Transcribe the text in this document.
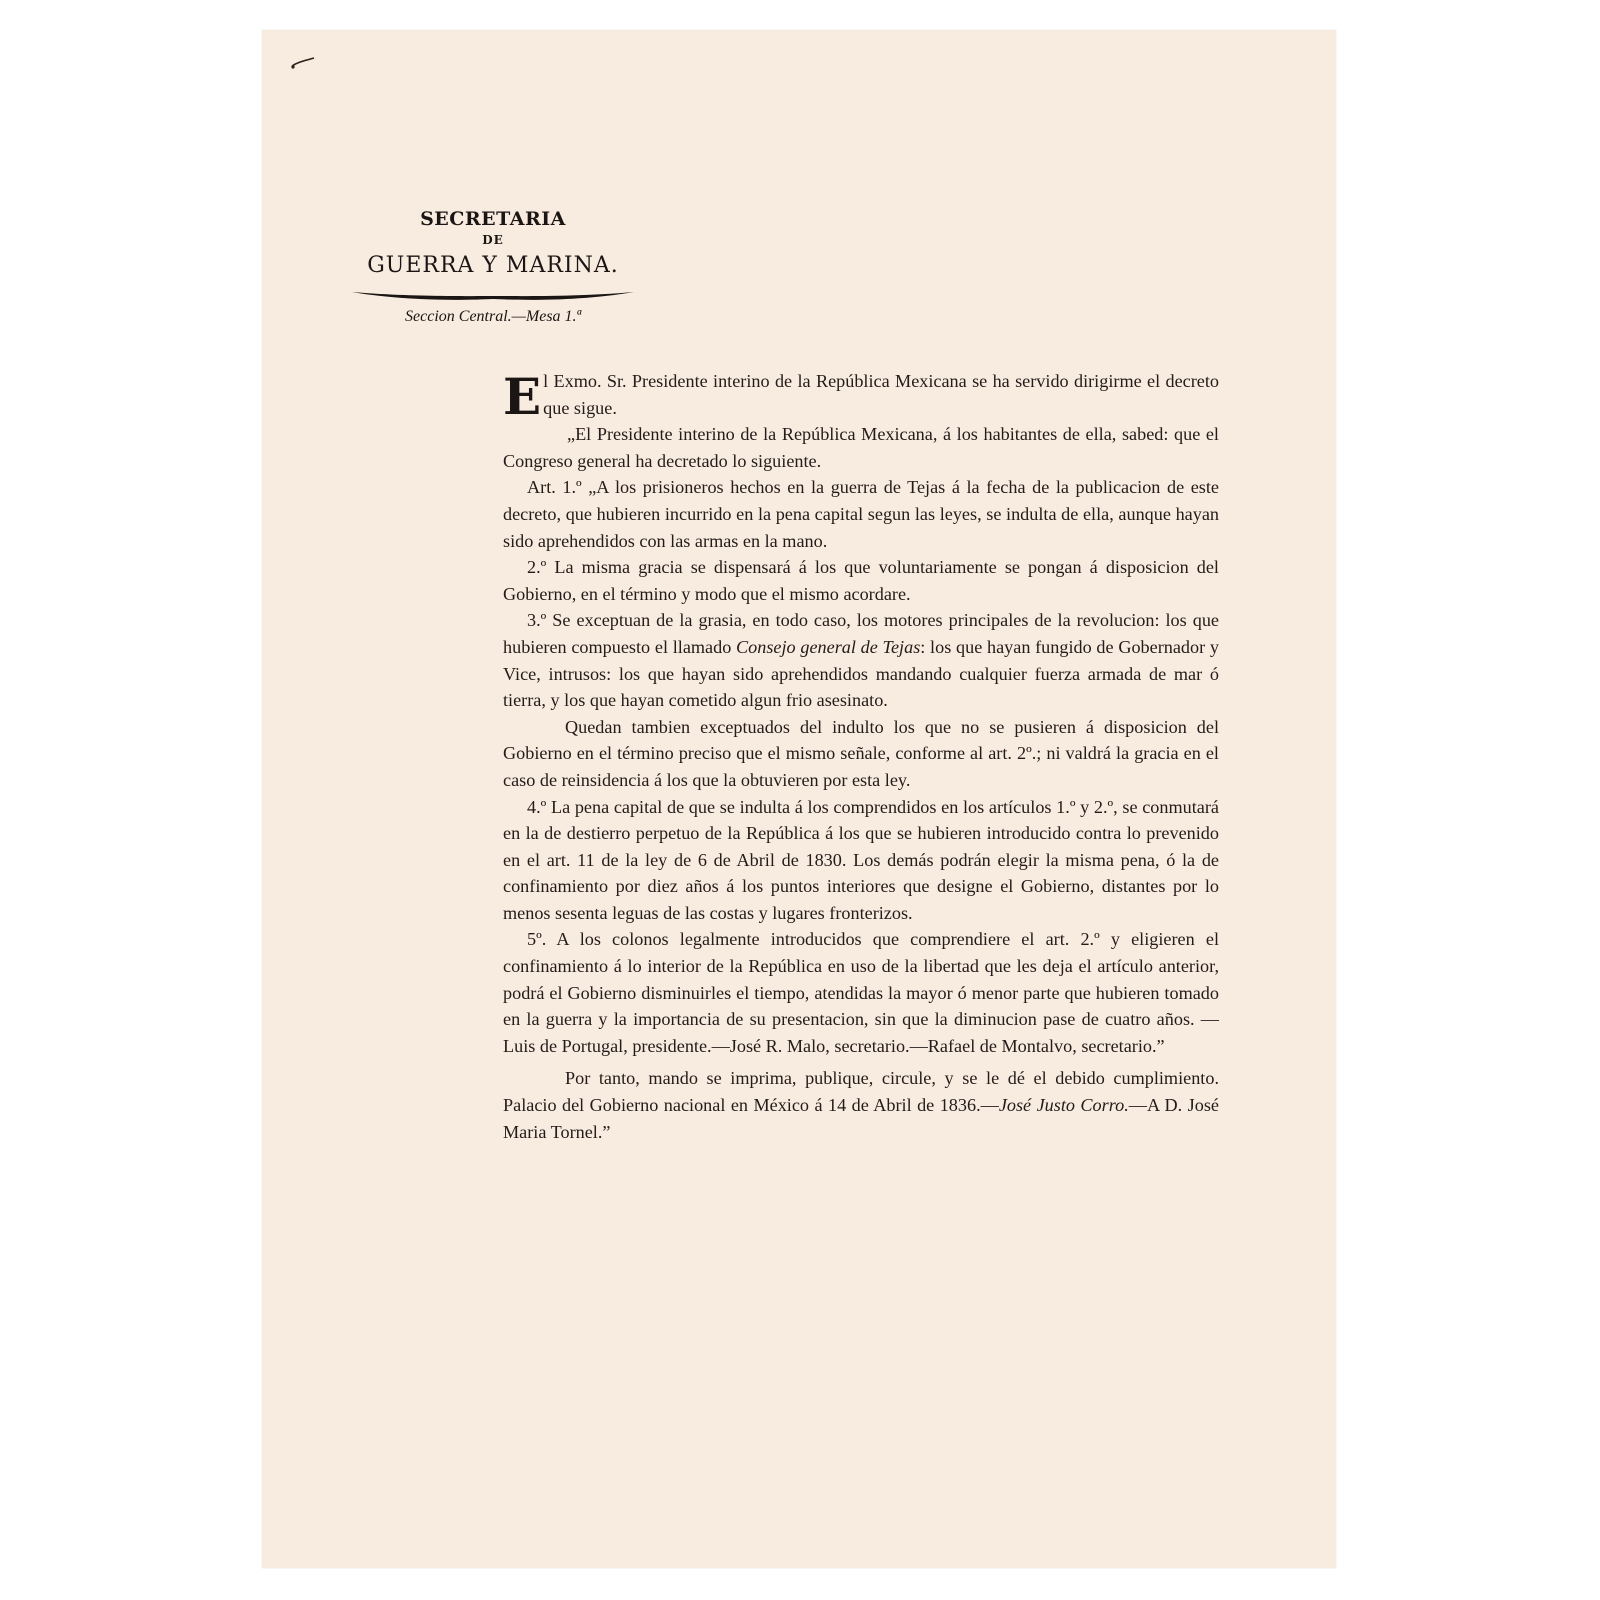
SECRETARIA
DE
GUERRA Y MARINA.
Seccion Central.—Mesa 1.ª

El Exmo. Sr. Presidente interino de la República Mexicana se ha servido dirigirme el decreto que sigue.

„El Presidente interino de la República Mexicana, á los habitantes de ella, sabed: que el Congreso general ha decretado lo siguiente.

Art. 1.º „A los prisioneros hechos en la guerra de Tejas á la fecha de la publicacion de este decreto, que hubieren incurrido en la pena capital segun las leyes, se indulta de ella, aunque hayan sido aprehendidos con las armas en la mano.

2.º La misma gracia se dispensará á los que voluntariamente se pongan á disposicion del Gobierno, en el término y modo que el mismo acordare.

3.º Se exceptuan de la grasia, en todo caso, los motores principales de la revolucion: los que hubieren compuesto el llamado Consejo general de Tejas: los que hayan fungido de Gobernador y Vice, intrusos: los que hayan sido aprehendidos mandando cualquier fuerza armada de mar ó tierra, y los que hayan cometido algun frio asesinato.

Quedan tambien exceptuados del indulto los que no se pusieren á disposicion del Gobierno en el término preciso que el mismo señale, conforme al art. 2º.; ni valdrá la gracia en el caso de reinsidencia á los que la obtuvieren por esta ley.

4.º La pena capital de que se indulta á los comprendidos en los artículos 1.º y 2.º, se conmutará en la de destierro perpetuo de la República á los que se hubieren introducido contra lo prevenido en el art. 11 de la ley de 6 de Abril de 1830. Los demás podrán elegir la misma pena, ó la de confinamiento por diez años á los puntos interiores que designe el Gobierno, distantes por lo menos sesenta leguas de las costas y lugares fronterizos.

5º. A los colonos legalmente introducidos que comprendiere el art. 2.º y eligieren el confinamiento á lo interior de la República en uso de la libertad que les deja el artículo anterior, podrá el Gobierno disminuirles el tiempo, atendidas la mayor ó menor parte que hubieren tomado en la guerra y la importancia de su presentacion, sin que la diminucion pase de cuatro años. —Luis de Portugal, presidente.—José R. Malo, secretario.—Rafael de Montalvo, secretario.”

Por tanto, mando se imprima, publique, circule, y se le dé el debido cumplimiento. Palacio del Gobierno nacional en México á 14 de Abril de 1836.—José Justo Corro.—A D. José Maria Tornel.”
